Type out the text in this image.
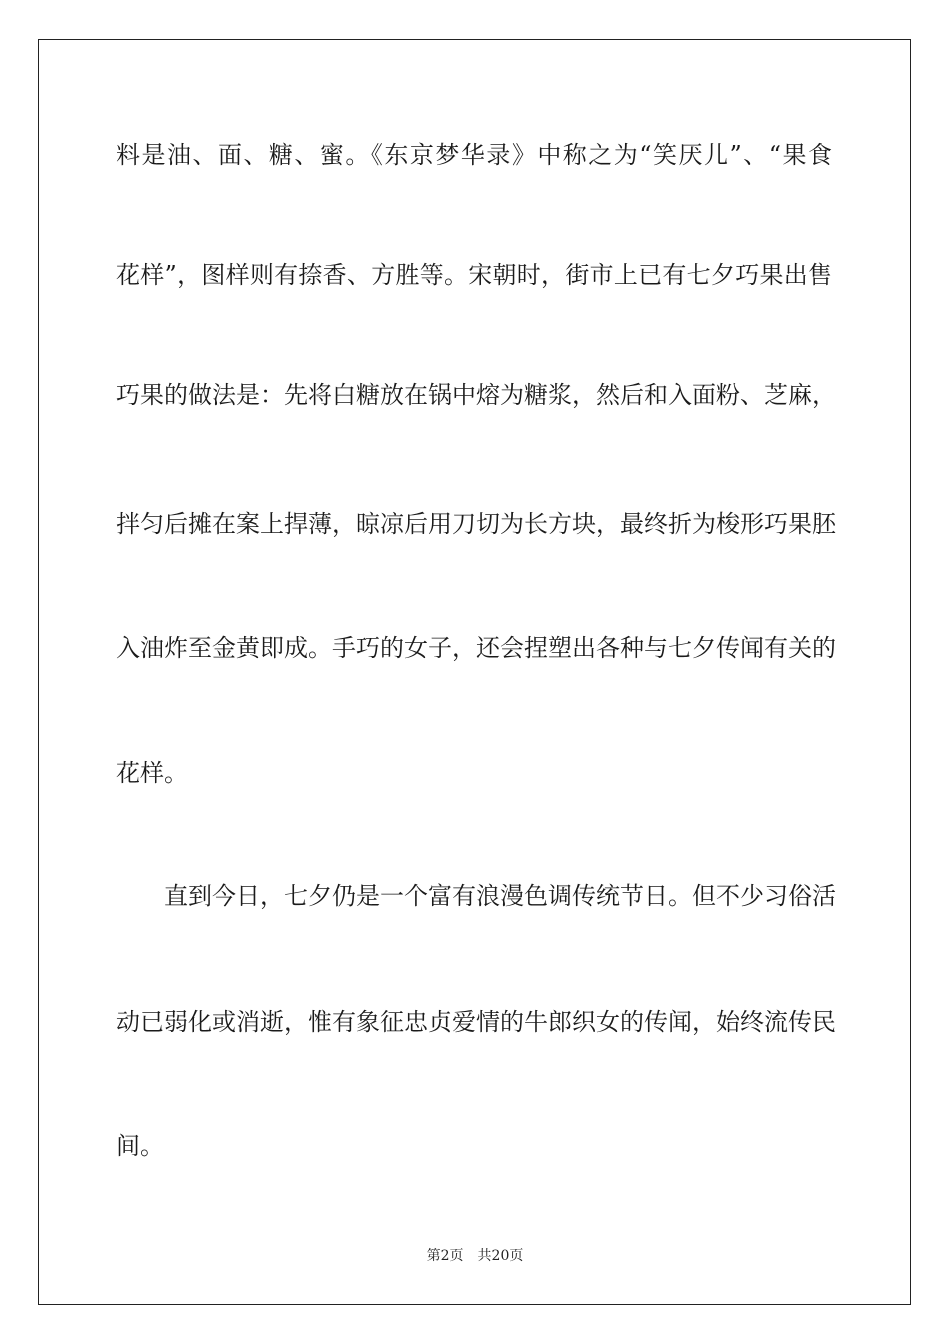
料是油、面、糖、蜜。《东京梦华录》中称之为“笑厌儿”、“果食
花样”，图样则有捺香、方胜等。宋朝时，街市上已有七夕巧果出售
巧果的做法是：先将白糖放在锅中熔为糖浆，然后和入面粉、芝麻，
拌匀后摊在案上捍薄，晾凉后用刀切为长方块，最终折为梭形巧果胚
入油炸至金黄即成。手巧的女子，还会捏塑出各种与七夕传闻有关的
花样。
　　直到今日，七夕仍是一个富有浪漫色调传统节日。但不少习俗活
动已弱化或消逝，惟有象征忠贞爱情的牛郎织女的传闻，始终流传民
间。
第2页 共20页
